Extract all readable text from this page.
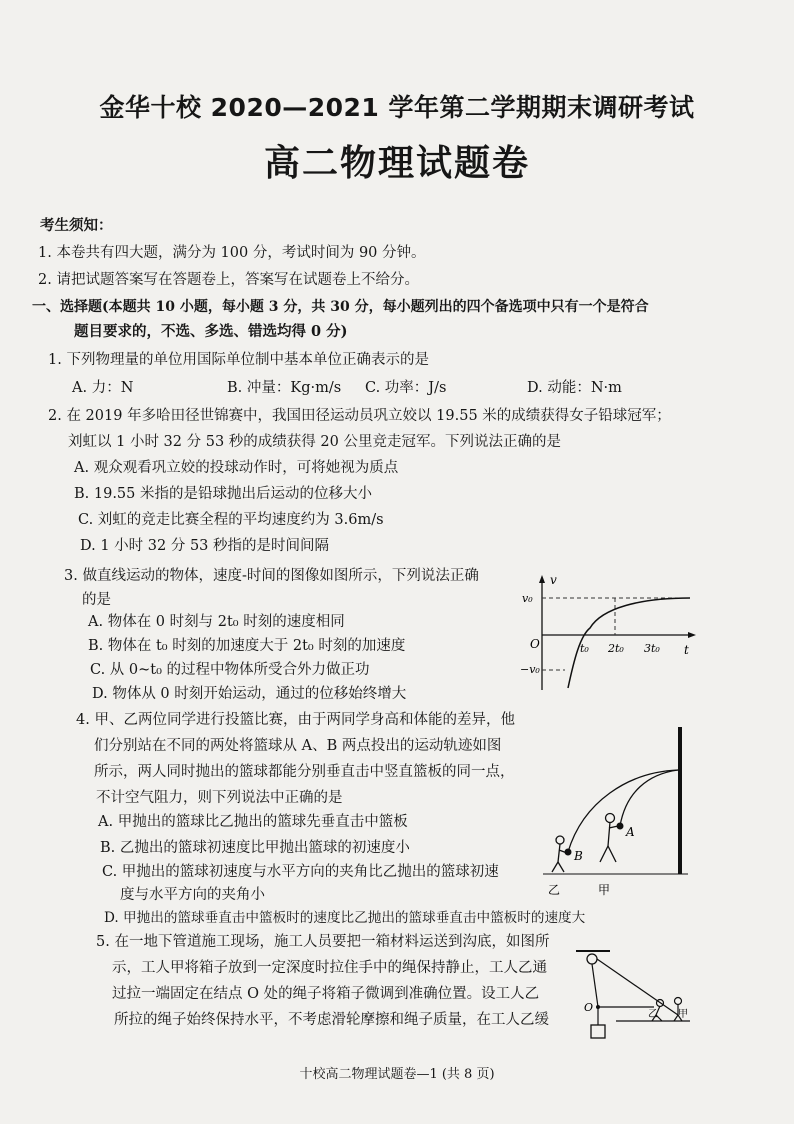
金华十校 2020—2021 学年第二学期期末调研考试
高二物理试题卷
考生须知：
1. 本卷共有四大题，满分为 100 分，考试时间为 90 分钟。
2. 请把试题答案写在答题卷上，答案写在试题卷上不给分。
一、选择题(本题共 10 小题，每小题 3 分，共 30 分，每小题列出的四个备选项中只有一个是符合
题目要求的，不选、多选、错选均得 0 分)
1. 下列物理量的单位用国际单位制中基本单位正确表示的是
A. 力：N	B. 冲量：Kg·m/s C. 功率：J/s	D. 动能：N·m
2. 在 2019 年多哈田径世锦赛中，我国田径运动员巩立姣以 19.55 米的成绩获得女子铅球冠军；
刘虹以 1 小时 32 分 53 秒的成绩获得 20 公里竞走冠军。下列说法正确的是
A. 观众观看巩立姣的投球动作时，可将她视为质点
B. 19.55 米指的是铅球抛出后运动的位移大小
C. 刘虹的竞走比赛全程的平均速度约为 3.6m/s
D. 1 小时 32 分 53 秒指的是时间间隔
3. 做直线运动的物体，速度-时间的图像如图所示，下列说法正确
的是
A. 物体在 0 时刻与 2t₀ 时刻的速度相同
B. 物体在 t₀ 时刻的加速度大于 2t₀ 时刻的加速度
C. 从 0~t₀ 的过程中物体所受合外力做正功
D. 物体从 0 时刻开始运动，通过的位移始终增大
v
t
O
v₀
−v₀
t₀ 2t₀ 3t₀
4. 甲、乙两位同学进行投篮比赛，由于两同学身高和体能的差异，他
们分别站在不同的两处将篮球从 A、B 两点投出的运动轨迹如图
所示，两人同时抛出的篮球都能分别垂直击中竖直篮板的同一点，
不计空气阻力，则下列说法中正确的是
A. 甲抛出的篮球比乙抛出的篮球先垂直击中篮板
B. 乙抛出的篮球初速度比甲抛出篮球的初速度小
C. 甲抛出的篮球初速度与水平方向的夹角比乙抛出的篮球初速
度与水平方向的夹角小
D. 甲抛出的篮球垂直击中篮板时的速度比乙抛出的篮球垂直击中篮板时的速度大
A
B
乙	甲
5. 在一地下管道施工现场，施工人员要把一箱材料运送到沟底，如图所
示，工人甲将箱子放到一定深度时拉住手中的绳保持静止，工人乙通
过拉一端固定在结点 O 处的绳子将箱子微调到准确位置。设工人乙
所拉的绳子始终保持水平，不考虑滑轮摩擦和绳子质量，在工人乙缓
O
乙 甲
十校高二物理试题卷—1 (共 8 页)
